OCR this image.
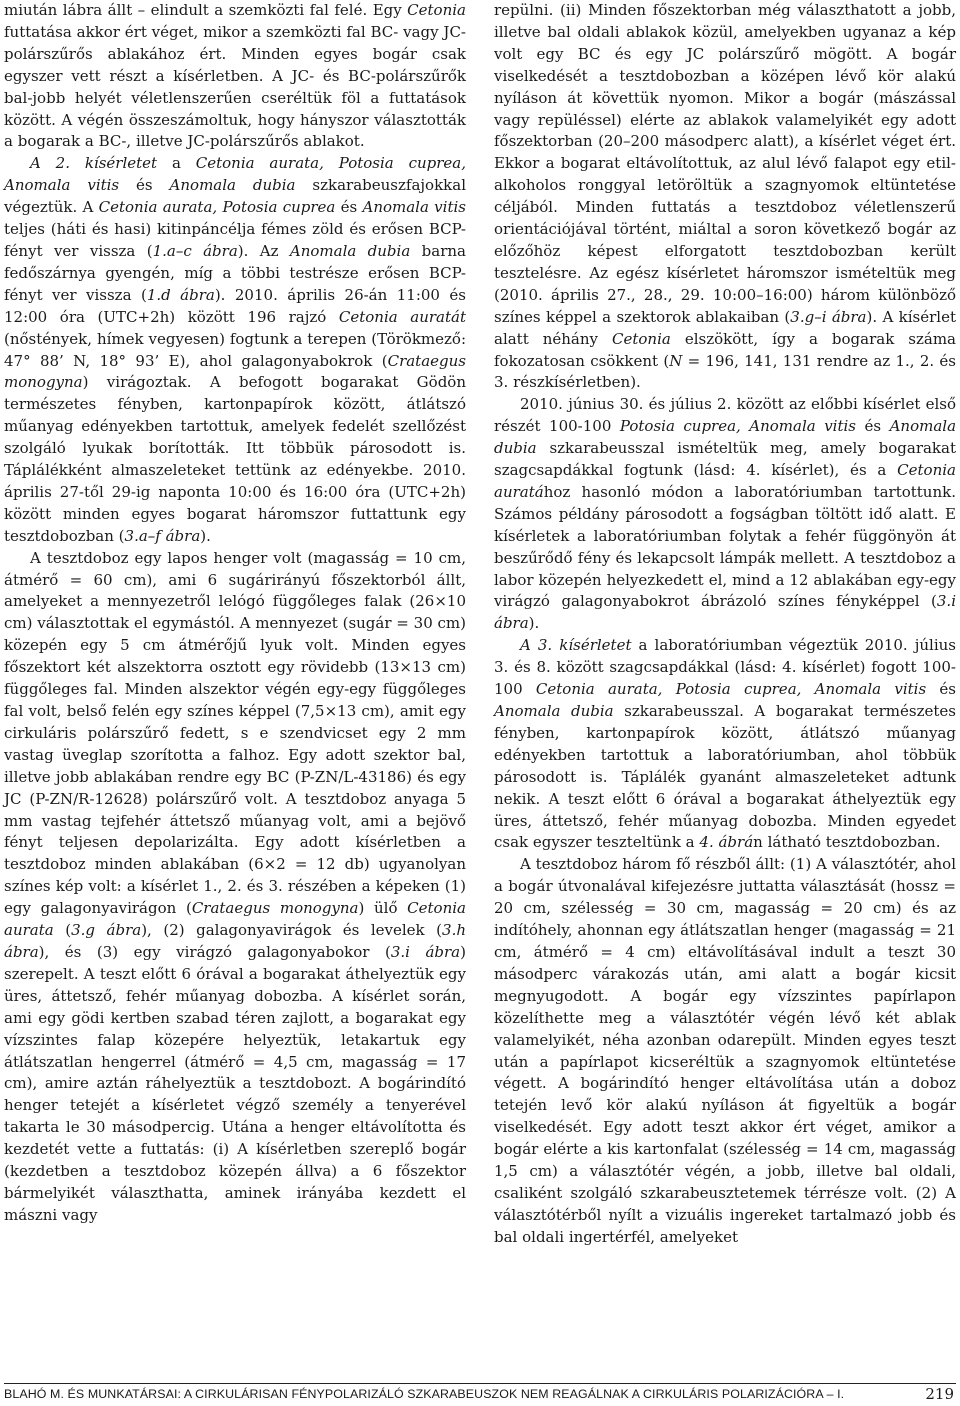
miután lábra állt – elindult a szemközti fal felé. Egy Cetonia futtatása akkor ért véget, mikor a szemközti fal BC- vagy JC-polárszűrős ablakához ért. Minden egyes bogár csak egyszer vett részt a kísérletben. A JC- és BC-polárszűrők bal-jobb helyét véletlenszerűen cseréltük föl a futtatások között. A végén összeszámoltuk, hogy hányszor választották a bogarak a BC-, illetve JC-polárszűrős ablakot.

A 2. kísérletet a Cetonia aurata, Potosia cuprea, Anomala vitis és Anomala dubia szkarabeuszfajokkal végeztük. A Cetonia aurata, Potosia cuprea és Anomala vitis teljes (háti és hasi) kitinpáncélja fémes zöld és erősen BCP-fényt ver vissza (1.a–c ábra). Az Anomala dubia barna fedőszárnya gyengén, míg a többi testrésze erősen BCP-fényt ver vissza (1.d ábra). 2010. április 26-án 11:00 és 12:00 óra (UTC+2h) között 196 rajzó Cetonia auratát (nőstények, hímek vegyesen) fogtunk a terepen (Törökmező: 47° 88’ N, 18° 93’ E), ahol galagonyabokrok (Crataegus monogyna) virágoztak. A befogott bogarakat Gödön természetes fényben, kartonpapírok között, átlátszó műanyag edényekben tartottuk, amelyek fedelét szellőzést szolgáló lyukak borították. Itt többük párosodott is. Táplálékként almaszeleteket tettünk az edényekbe. 2010. április 27-től 29-ig naponta 10:00 és 16:00 óra (UTC+2h) között minden egyes bogarat háromszor futtattunk egy tesztdobozban (3.a–f ábra).

A tesztdoboz egy lapos henger volt (magasság = 10 cm, átmérő = 60 cm), ami 6 sugárirányú főszektorból állt, amelyeket a mennyezetről lelógó függőleges falak (26×10 cm) választottak el egymástól. A mennyezet (sugár = 30 cm) közepén egy 5 cm átmérőjű lyuk volt. Minden egyes főszektort két alszektorra osztott egy rövidebb (13×13 cm) függőleges fal. Minden alszektor végén egy-egy függőleges fal volt, belső felén egy színes képpel (7,5×13 cm), amit egy cirkuláris polárszűrő fedett, s e szendvicset egy 2 mm vastag üveglap szorította a falhoz. Egy adott szektor bal, illetve jobb ablakában rendre egy BC (P-ZN/L-43186) és egy JC (P-ZN/R-12628) polárszűrő volt. A tesztdoboz anyaga 5 mm vastag tejfehér áttetsző műanyag volt, ami a bejövő fényt teljesen depolarizálta. Egy adott kísérletben a tesztdoboz minden ablakában (6×2 = 12 db) ugyanolyan színes kép volt: a kísérlet 1., 2. és 3. részében a képeken (1) egy galagonyavirágon (Crataegus monogyna) ülő Cetonia aurata (3.g ábra), (2) galagonyavirágok és levelek (3.h ábra), és (3) egy virágzó galagonyabokor (3.i ábra) szerepelt. A teszt előtt 6 órával a bogarakat áthelyeztük egy üres, áttetsző, fehér műanyag dobozba. A kísérlet során, ami egy gödi kertben szabad téren zajlott, a bogarakat egy vízszintes falap közepére helyeztük, letakartuk egy átlátszatlan hengerrel (átmérő = 4,5 cm, magasság = 17 cm), amire aztán ráhelyeztük a tesztdobozt. A bogárindító henger tetejét a kísérletet végző személy a tenyerével takarta le 30 másodpercig. Utána a henger eltávolította és kezdetét vette a futtatás: (i) A kísérletben szereplő bogár (kezdetben a tesztdoboz közepén állva) a 6 főszektor bármelyikét választhatta, aminek irányába kezdett el mászni vagy

repülni. (ii) Minden főszektorban még választhatott a jobb, illetve bal oldali ablakok közül, amelyekben ugyanaz a kép volt egy BC és egy JC polárszűrő mögött. A bogár viselkedését a tesztdobozban a középen lévő kör alakú nyíláson át követtük nyomon. Mikor a bogár (mászással vagy repüléssel) elérte az ablakok valamelyikét egy adott főszektorban (20–200 másodperc alatt), a kísérlet véget ért. Ekkor a bogarat eltávolítottuk, az alul lévő falapot egy etil-alkoholos ronggyal letöröltük a szagnyomok eltüntetése céljából. Minden futtatás a tesztdoboz véletlenszerű orientációjával történt, miáltal a soron következő bogár az előzőhöz képest elforgatott tesztdobozban került tesztelésre. Az egész kísérletet háromszor ismételtük meg (2010. április 27., 28., 29. 10:00–16:00) három különböző színes képpel a szektorok ablakaiban (3.g–i ábra). A kísérlet alatt néhány Cetonia elszökött, így a bogarak száma fokozatosan csökkent (N = 196, 141, 131 rendre az 1., 2. és 3. részkísérletben).

2010. június 30. és július 2. között az előbbi kísérlet első részét 100-100 Potosia cuprea, Anomala vitis és Anomala dubia szkarabeusszal ismételtük meg, amely bogarakat szagcsapdákkal fogtunk (lásd: 4. kísérlet), és a Cetonia auratához hasonló módon a laboratóriumban tartottunk. Számos példány párosodott a fogságban töltött idő alatt. E kísérletek a laboratóriumban folytak a fehér függönyön át beszűrődő fény és lekapcsolt lámpák mellett. A tesztdoboz a labor közepén helyezkedett el, mind a 12 ablakában egy-egy virágzó galagonyabokrot ábrázoló színes fényképpel (3.i ábra).

A 3. kísérletet a laboratóriumban végeztük 2010. július 3. és 8. között szagcsapdákkal (lásd: 4. kísérlet) fogott 100-100 Cetonia aurata, Potosia cuprea, Anomala vitis és Anomala dubia szkarabeusszal. A bogarakat természetes fényben, kartonpapírok között, átlátszó műanyag edényekben tartottuk a laboratóriumban, ahol többük párosodott is. Táplálék gyanánt almaszeleteket adtunk nekik. A teszt előtt 6 órával a bogarakat áthelyeztük egy üres, áttetsző, fehér műanyag dobozba. Minden egyedet csak egyszer teszteltünk a 4. ábrán látható tesztdobozban.

A tesztdoboz három fő részből állt: (1) A választótér, ahol a bogár útvonalával kifejezésre juttatta választását (hossz = 20 cm, szélesség = 30 cm, magasság = 20 cm) és az indítóhely, ahonnan egy átlátszatlan henger (magasság = 21 cm, átmérő = 4 cm) eltávolításával indult a teszt 30 másodperc várakozás után, ami alatt a bogár kicsit megnyugodott. A bogár egy vízszintes papírlapon közelíthette meg a választótér végén lévő két ablak valamelyikét, néha azonban odarepült. Minden egyes teszt után a papírlapot kicseréltük a szagnyomok eltüntetése végett. A bogárindító henger eltávolítása után a doboz tetején levő kör alakú nyíláson át figyeltük a bogár viselkedését. Egy adott teszt akkor ért véget, amikor a bogár elérte a kis kartonfalat (szélesség = 14 cm, magasság 1,5 cm) a választótér végén, a jobb, illetve bal oldali, csaliként szolgáló szkarabeusztetemek térrésze volt. (2) A választótérből nyílt a vizuális ingereket tartalmazó jobb és bal oldali ingertérfél, amelyeket

BLAHÓ M. ÉS MUNKATÁRSAI: A CIRKULÁRISAN FÉNYPOLARIZÁLÓ SZKARABEUSZOK NEM REAGÁLNAK A CIRKULÁRIS POLARIZÁCIÓRA – I.	219
